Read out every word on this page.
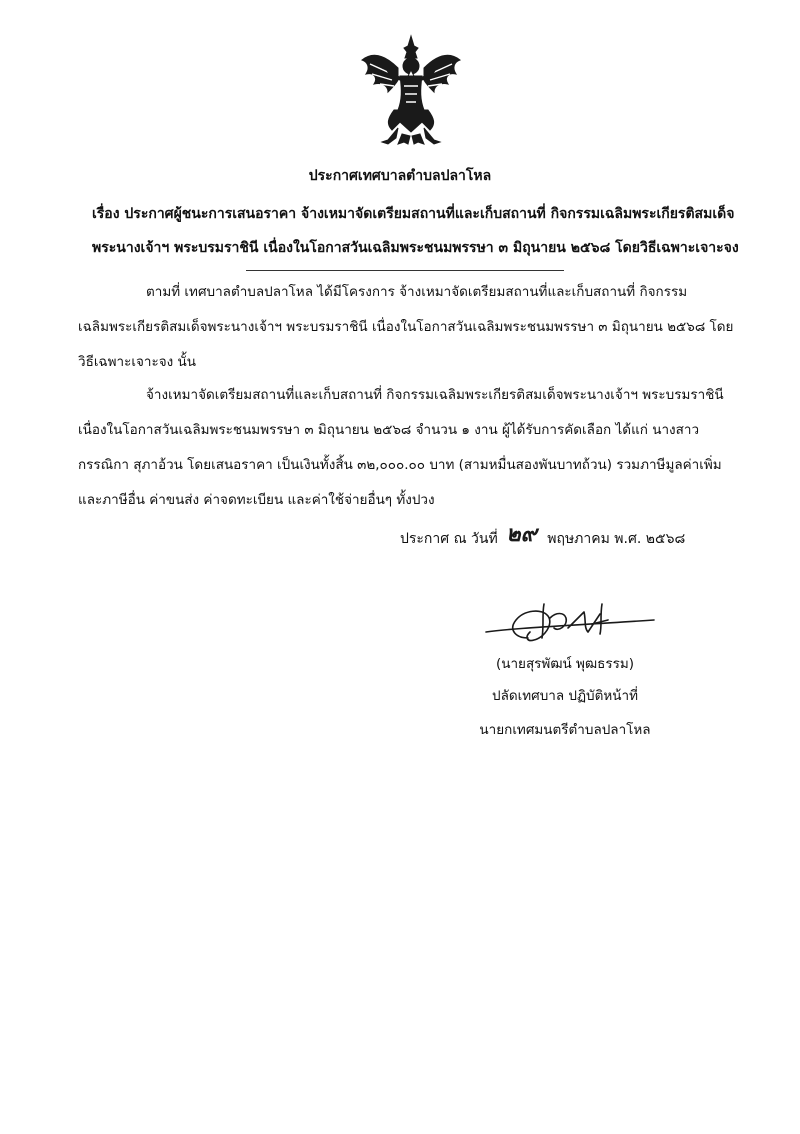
ประกาศเทศบาลตำบลปลาโหล
เรื่อง ประกาศผู้ชนะการเสนอราคา จ้างเหมาจัดเตรียมสถานที่และเก็บสถานที่ กิจกรรมเฉลิมพระเกียรติสมเด็จ
พระนางเจ้าฯ พระบรมราชินี เนื่องในโอกาสวันเฉลิมพระชนมพรรษา ๓ มิถุนายน ๒๕๖๘ โดยวิธีเฉพาะเจาะจง
ตามที่ เทศบาลตำบลปลาโหล ได้มีโครงการ จ้างเหมาจัดเตรียมสถานที่และเก็บสถานที่ กิจกรรม
เฉลิมพระเกียรติสมเด็จพระนางเจ้าฯ พระบรมราชินี เนื่องในโอกาสวันเฉลิมพระชนมพรรษา ๓ มิถุนายน ๒๕๖๘ โดย
วิธีเฉพาะเจาะจง นั้น
จ้างเหมาจัดเตรียมสถานที่และเก็บสถานที่ กิจกรรมเฉลิมพระเกียรติสมเด็จพระนางเจ้าฯ พระบรมราชินี
เนื่องในโอกาสวันเฉลิมพระชนมพรรษา ๓ มิถุนายน ๒๕๖๘ จำนวน ๑ งาน ผู้ได้รับการคัดเลือก ได้แก่ นางสาว
กรรณิกา สุภาอ้วน โดยเสนอราคา เป็นเงินทั้งสิ้น ๓๒,๐๐๐.๐๐ บาท (สามหมื่นสองพันบาทถ้วน) รวมภาษีมูลค่าเพิ่ม
และภาษีอื่น ค่าขนส่ง ค่าจดทะเบียน และค่าใช้จ่ายอื่นๆ ทั้งปวง
ประกาศ ณ วันที่ ๒๙ พฤษภาคม พ.ศ. ๒๕๖๘
(นายสุรพัฒน์ พุฒธรรม)
ปลัดเทศบาล ปฏิบัติหน้าที่
นายกเทศมนตรีตำบลปลาโหล
